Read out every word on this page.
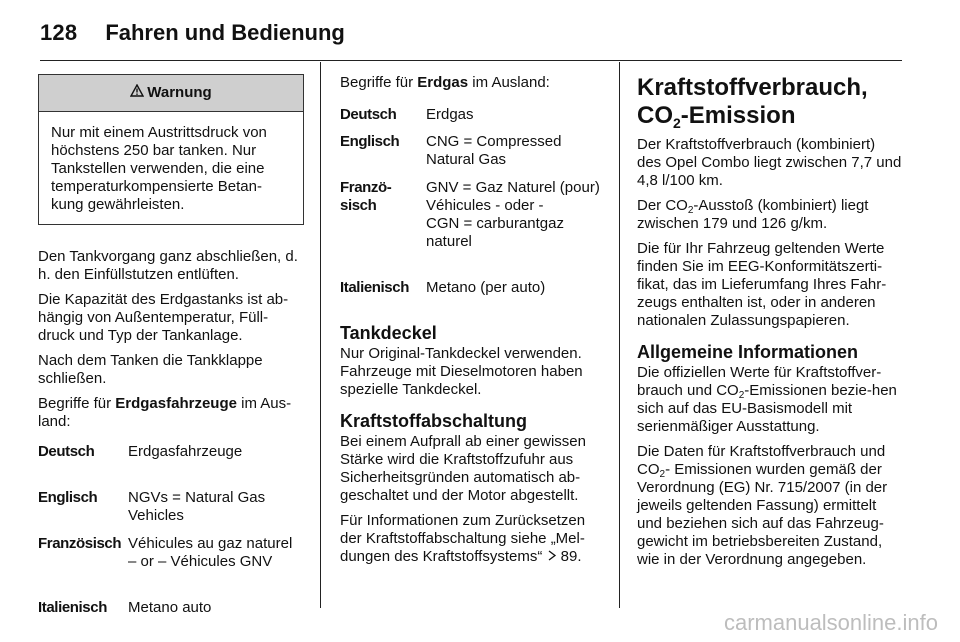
128 Fahren und Bedienung
Warnung
Nur mit einem Austrittsdruck von höchstens 250 bar tanken. Nur Tankstellen verwenden, die eine temperaturkompensierte Betan-kung gewährleisten.

Den Tankvorgang ganz abschließen, d. h. den Einfüllstutzen entlüften.

Die Kapazität des Erdgastanks ist ab-hängig von Außentemperatur, Füll-druck und Typ der Tankanlage.

Nach dem Tanken die Tankklappe schließen.

Begriffe für Erdgasfahrzeuge im Aus-land:

Deutsch	Erdgasfahrzeuge
Englisch	NGVs = Natural Gas Vehicles
Französisch	Véhicules au gaz naturel – or – Véhicules GNV
Italienisch	Metano auto

Begriffe für Erdgas im Ausland:

Deutsch	Erdgas
Englisch	CNG = Compressed Natural Gas
Franzö-sisch	GNV = Gaz Naturel (pour) Véhicules - oder -
CGN = carburantgaz naturel

Italienisch	Metano (per auto)
Tankdeckel

Nur Original-Tankdeckel verwenden. Fahrzeuge mit Dieselmotoren haben spezielle Tankdeckel.

Kraftstoffabschaltung

Bei einem Aufprall ab einer gewissen Stärke wird die Kraftstoffzufuhr aus Sicherheitsgründen automatisch ab-geschaltet und der Motor abgestellt.

Für Informationen zum Zurücksetzen der Kraftstoffabschaltung siehe „Mel-dungen des Kraftstoffsystems“  89.

Kraftstoffverbrauch,
$CO_2$-Emission

Der Kraftstoffverbrauch (kombiniert) des Opel Combo liegt zwischen 7,7 und 4,8 l/100 km.

Der $CO_2$-Ausstoß (kombiniert) liegt zwischen 179 und 126 g/km.

Die für Ihr Fahrzeug geltenden Werte finden Sie im EEG-Konformitätszerti-fikat, das im Lieferumfang Ihres Fahr-zeugs enthalten ist, oder in anderen nationalen Zulassungspapieren.

Allgemeine Informationen

Die offiziellen Werte für Kraftstoffver-brauch und $CO_2$-Emissionen bezie-hen sich auf das EU-Basismodell mit serienmäßiger Ausstattung.

Die Daten für Kraftstoffverbrauch und $CO_2-$ Emissionen wurden gemäß der Verordnung (EG) Nr. 715/2007 (in der jeweils geltenden Fassung) ermittelt und beziehen sich auf das Fahrzeug-gewicht im betriebsbereiten Zustand, wie in der Verordnung angegeben.

carmanualsonline.info
